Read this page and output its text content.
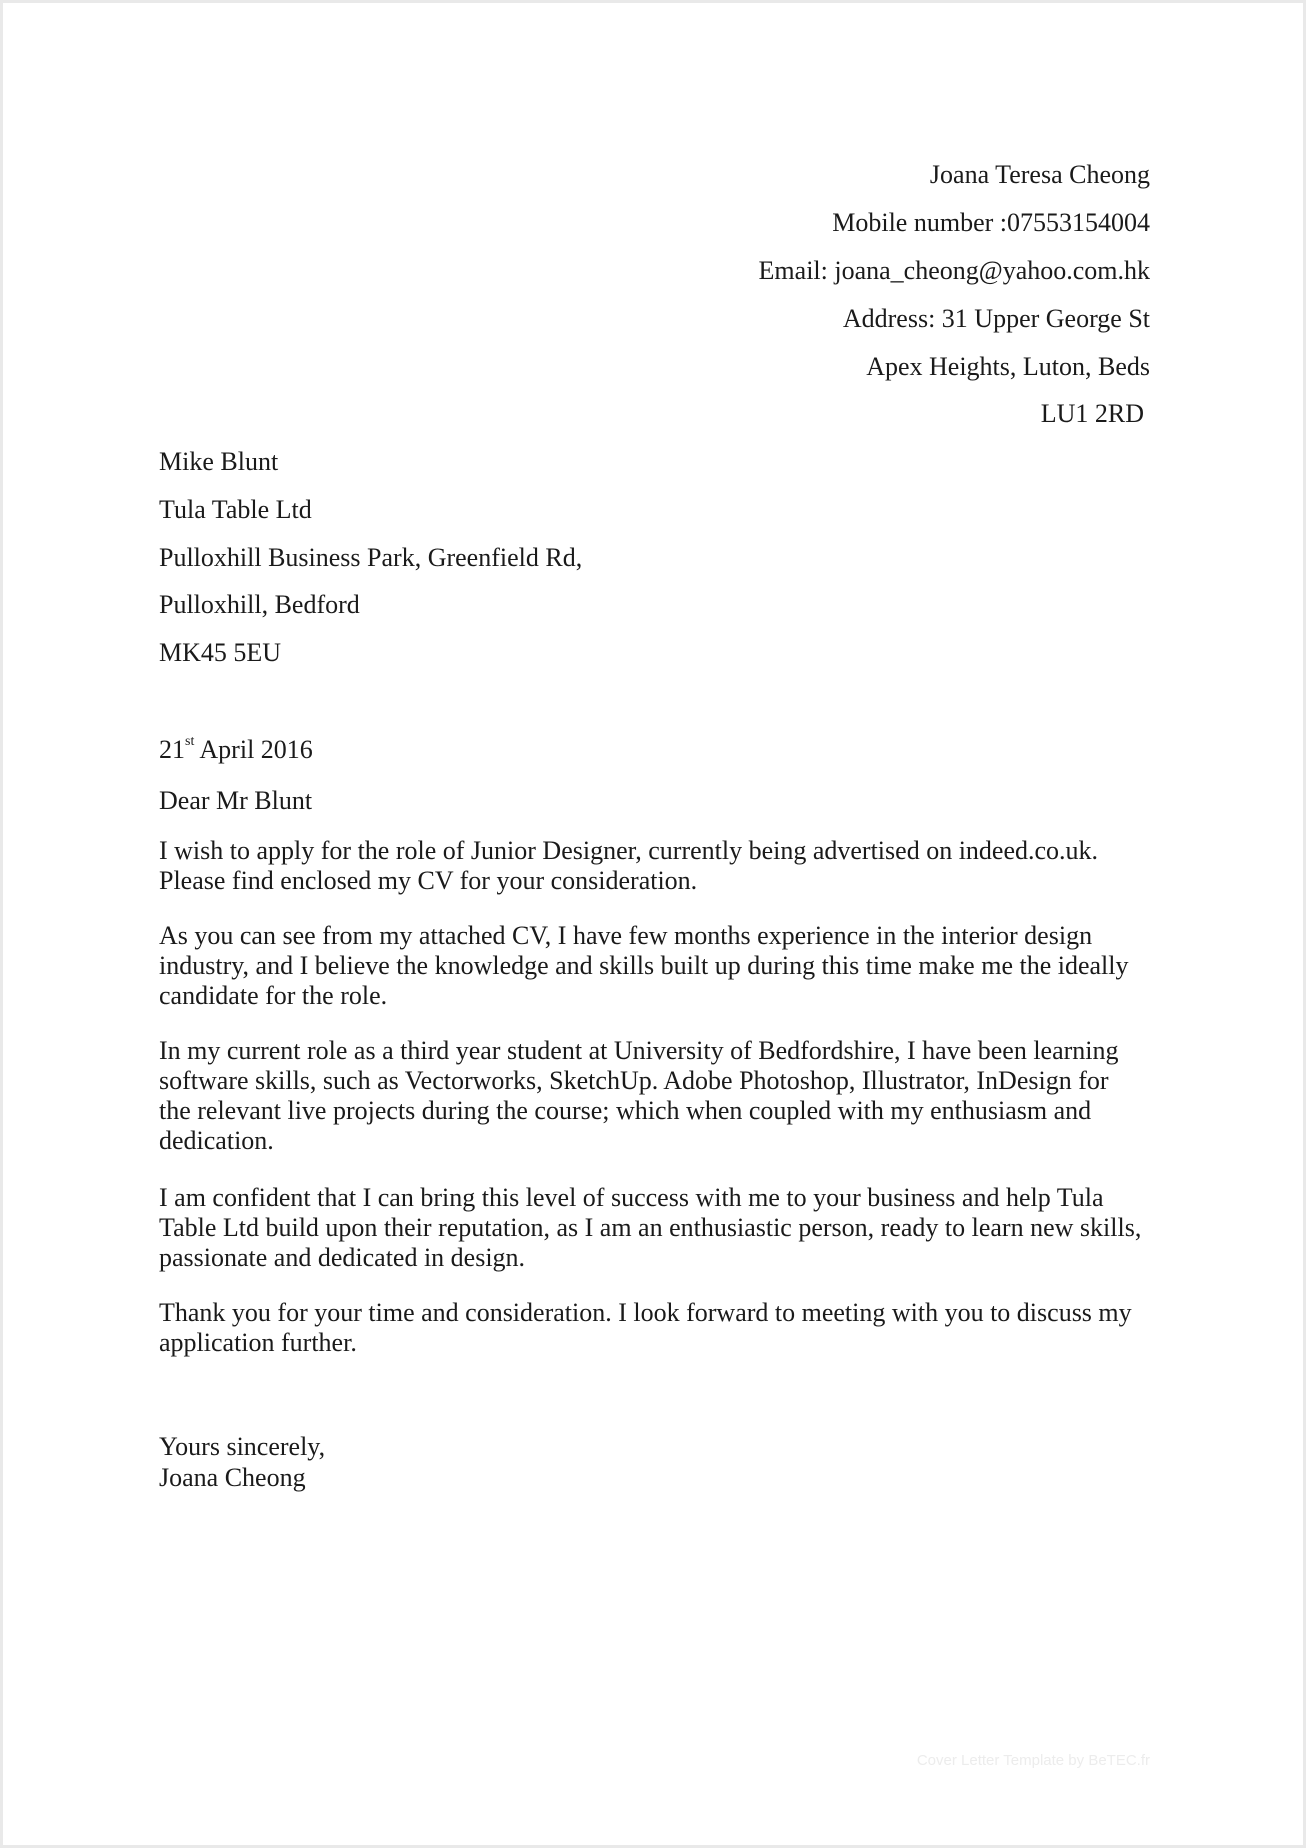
Joana Teresa Cheong
Mobile number :07553154004
Email: joana_cheong@yahoo.com.hk
Address: 31 Upper George St
Apex Heights, Luton, Beds
LU1 2RD
Mike Blunt
Tula Table Ltd
Pulloxhill Business Park, Greenfield Rd,
Pulloxhill, Bedford
MK45 5EU
21st April 2016
Dear Mr Blunt
I wish to apply for the role of Junior Designer, currently being advertised on indeed.co.uk.
Please find enclosed my CV for your consideration.
As you can see from my attached CV, I have few months experience in the interior design
industry, and I believe the knowledge and skills built up during this time make me the ideally
candidate for the role.
In my current role as a third year student at University of Bedfordshire, I have been learning
software skills, such as Vectorworks, SketchUp. Adobe Photoshop, Illustrator, InDesign for
the relevant live projects during the course; which when coupled with my enthusiasm and
dedication.
I am confident that I can bring this level of success with me to your business and help Tula
Table Ltd build upon their reputation, as I am an enthusiastic person, ready to learn new skills,
passionate and dedicated in design.
Thank you for your time and consideration. I look forward to meeting with you to discuss my
application further.
Yours sincerely,
Joana Cheong
Cover Letter Template by BeTEC.fr
